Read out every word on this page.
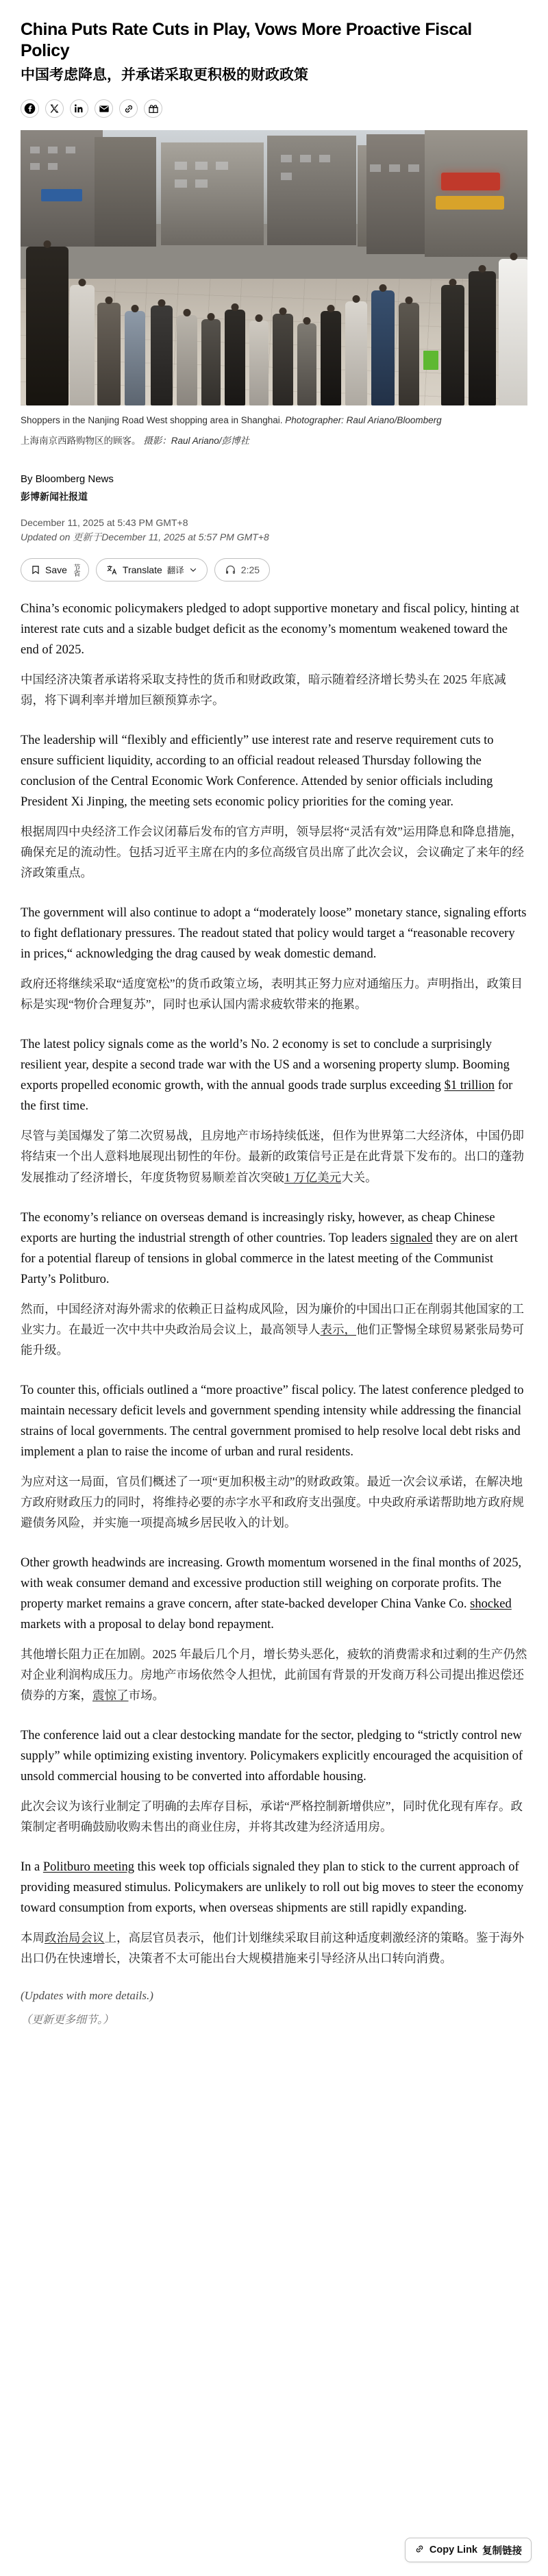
China Puts Rate Cuts in Play, Vows More Proactive Fiscal Policy
中国考虑降息，并承诺采取更积极的财政政策

Shoppers in the Nanjing Road West shopping area in Shanghai. Photographer: Raul Ariano/Bloomberg

上海南京西路购物区的顾客。 摄影：Raul Ariano/彭博社

By Bloomberg News

彭博新闻社报道

December 11, 2025 at 5:43 PM GMT+8
Updated on 更新于December 11, 2025 at 5:57 PM GMT+8
Save 节省	Translate 翻译	2:25

China’s economic policymakers pledged to adopt supportive monetary and fiscal policy, hinting at interest rate cuts and a sizable budget deficit as the economy’s momentum weakened toward the end of 2025.

中国经济决策者承诺将采取支持性的货币和财政政策，暗示随着经济增长势头在 2025 年底减弱，将下调利率并增加巨额预算赤字。

The leadership will “flexibly and efficiently” use interest rate and reserve requirement cuts to ensure sufficient liquidity, according to an official readout released Thursday following the conclusion of the Central Economic Work Conference. Attended by senior officials including President Xi Jinping, the meeting sets economic policy priorities for the coming year.

根据周四中央经济工作会议闭幕后发布的官方声明，领导层将“灵活有效”运用降息和降息措施，确保充足的流动性。包括习近平主席在内的多位高级官员出席了此次会议，会议确定了来年的经济政策重点。

The government will also continue to adopt a “moderately loose” monetary stance, signaling efforts to fight deflationary pressures. The readout stated that policy would target a “reasonable recovery in prices,“ acknowledging the drag caused by weak domestic demand.

政府还将继续采取“适度宽松”的货币政策立场，表明其正努力应对通缩压力。声明指出，政策目标是实现“物价合理复苏”，同时也承认国内需求疲软带来的拖累。

The latest policy signals come as the world’s No. 2 economy is set to conclude a surprisingly resilient year, despite a second trade war with the US and a worsening property slump. Booming exports propelled economic growth, with the annual goods trade surplus exceeding $1 trillion for the first time.

尽管与美国爆发了第二次贸易战，且房地产市场持续低迷，但作为世界第二大经济体，中国仍即将结束一个出人意料地展现出韧性的年份。最新的政策信号正是在此背景下发布的。出口的蓬勃发展推动了经济增长，年度货物贸易顺差首次突破1 万亿美元大关。

The economy’s reliance on overseas demand is increasingly risky, however, as cheap Chinese exports are hurting the industrial strength of other countries. Top leaders signaled they are on alert for a potential flareup of tensions in global commerce in the latest meeting of the Communist Party’s Politburo.

然而，中国经济对海外需求的依赖正日益构成风险，因为廉价的中国出口正在削弱其他国家的工业实力。在最近一次中共中央政治局会议上，最高领导人表示，他们正警惕全球贸易紧张局势可能升级。

To counter this, officials outlined a “more proactive” fiscal policy. The latest conference pledged to maintain necessary deficit levels and government spending intensity while addressing the financial strains of local governments. The central government promised to help resolve local debt risks and implement a plan to raise the income of urban and rural residents.

为应对这一局面，官员们概述了一项“更加积极主动”的财政政策。最近一次会议承诺，在解决地方政府财政压力的同时，将维持必要的赤字水平和政府支出强度。中央政府承诺帮助地方政府规避债务风险，并实施一项提高城乡居民收入的计划。

Other growth headwinds are increasing. Growth momentum worsened in the final months of 2025, with weak consumer demand and excessive production still weighing on corporate profits. The property market remains a grave concern, after state-backed developer China Vanke Co. shocked markets with a proposal to delay bond repayment.

其他增长阻力正在加剧。2025 年最后几个月，增长势头恶化，疲软的消费需求和过剩的生产仍然对企业利润构成压力。房地产市场依然令人担忧，此前国有背景的开发商万科公司提出推迟偿还债券的方案，震惊了市场。

The conference laid out a clear destocking mandate for the sector, pledging to “strictly control new supply” while optimizing existing inventory. Policymakers explicitly encouraged the acquisition of unsold commercial housing to be converted into affordable housing.

此次会议为该行业制定了明确的去库存目标，承诺“严格控制新增供应”，同时优化现有库存。政策制定者明确鼓励收购未售出的商业住房，并将其改建为经济适用房。

In a Politburo meeting this week top officials signaled they plan to stick to the current approach of providing measured stimulus. Policymakers are unlikely to roll out big moves to steer the economy toward consumption from exports, when overseas shipments are still rapidly expanding.

本周政治局会议上，高层官员表示，他们计划继续采取目前这种适度刺激经济的策略。鉴于海外出口仍在快速增长，决策者不太可能出台大规模措施来引导经济从出口转向消费。

(Updates with more details.)

（更新更多细节。）

Copy Link 复制链接
